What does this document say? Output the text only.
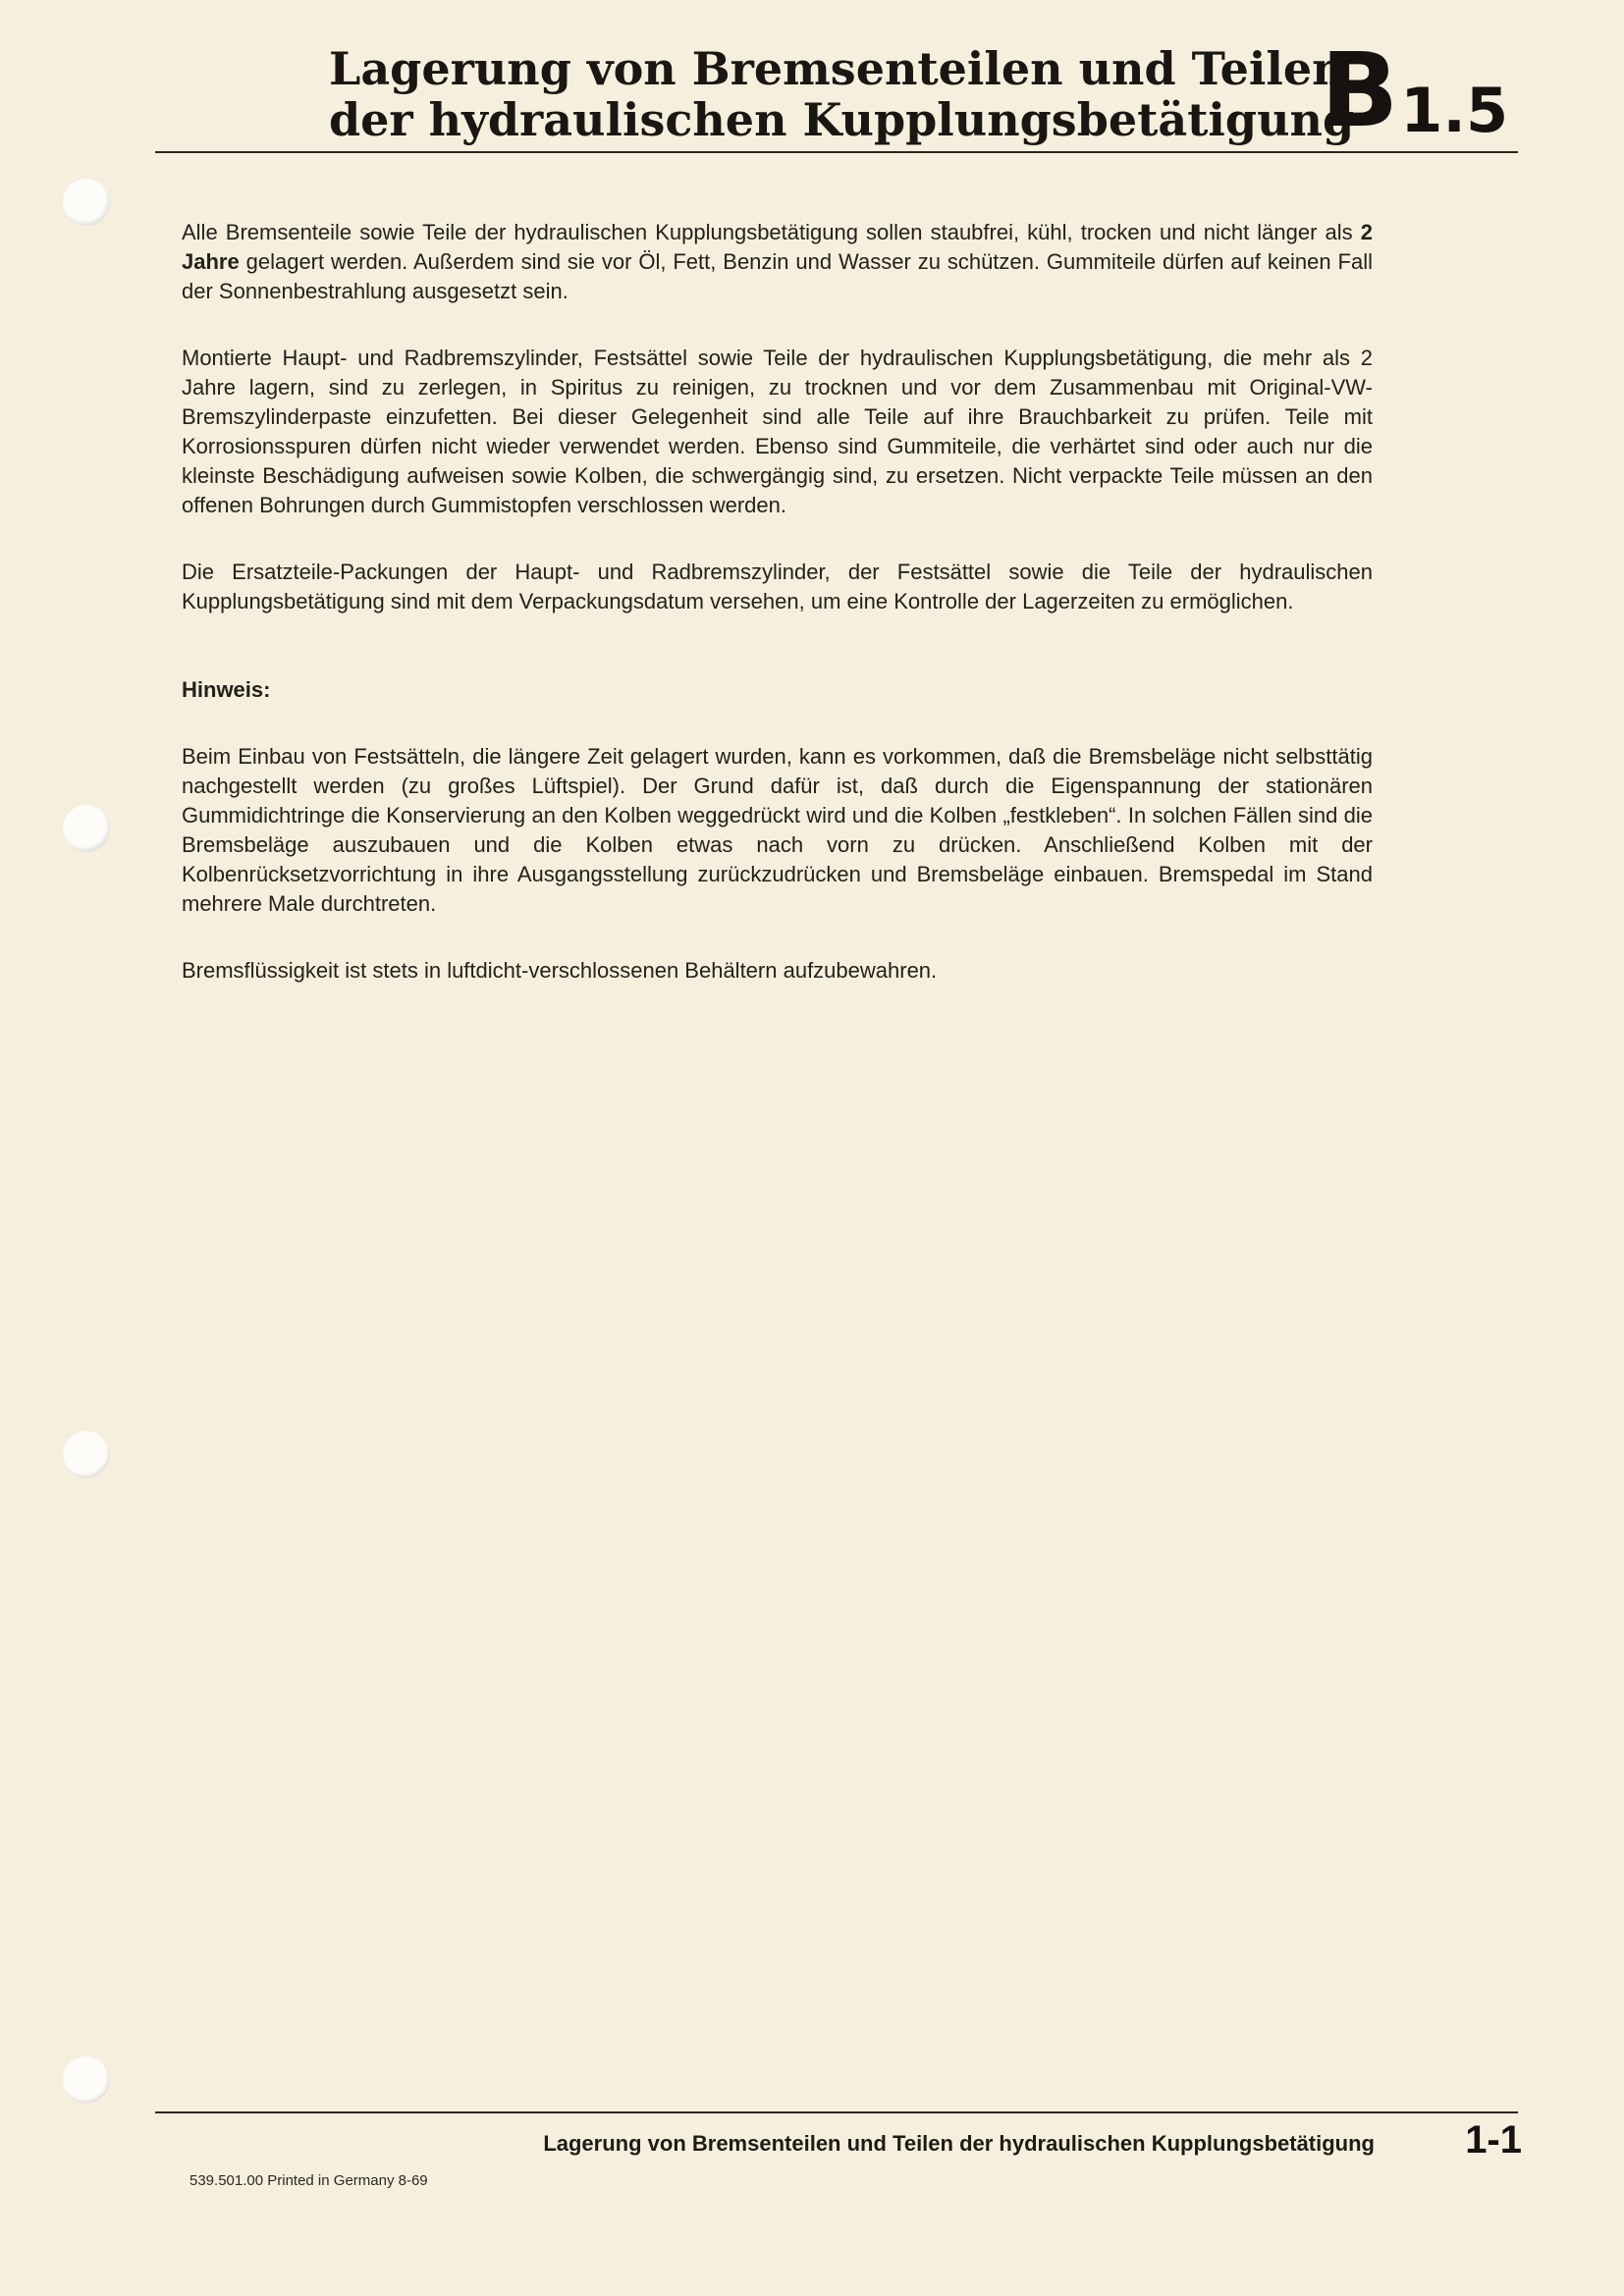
Lagerung von Bremsenteilen und Teilen
der hydraulischen Kupplungsbetätigung
B1.5

Alle Bremsenteile sowie Teile der hydraulischen Kupplungsbetätigung sollen staubfrei, kühl, trocken und nicht länger als 2 Jahre gelagert werden. Außerdem sind sie vor Öl, Fett, Benzin und Wasser zu schützen. Gummiteile dürfen auf keinen Fall der Sonnenbestrahlung ausgesetzt sein.

Montierte Haupt- und Radbremszylinder, Festsättel sowie Teile der hydraulischen Kupplungsbetätigung, die mehr als 2 Jahre lagern, sind zu zerlegen, in Spiritus zu reinigen, zu trocknen und vor dem Zusammenbau mit Original-VW-Bremszylinderpaste einzufetten. Bei dieser Gelegenheit sind alle Teile auf ihre Brauchbarkeit zu prüfen. Teile mit Korrosionsspuren dürfen nicht wieder verwendet werden. Ebenso sind Gummiteile, die verhärtet sind oder auch nur die kleinste Beschädigung aufweisen sowie Kolben, die schwergängig sind, zu ersetzen. Nicht verpackte Teile müssen an den offenen Bohrungen durch Gummistopfen verschlossen werden.

Die Ersatzteile-Packungen der Haupt- und Radbremszylinder, der Festsättel sowie die Teile der hydraulischen Kupplungsbetätigung sind mit dem Verpackungsdatum versehen, um eine Kontrolle der Lagerzeiten zu ermöglichen.

Hinweis:

Beim Einbau von Festsätteln, die längere Zeit gelagert wurden, kann es vorkommen, daß die Bremsbeläge nicht selbsttätig nachgestellt werden (zu großes Lüftspiel). Der Grund dafür ist, daß durch die Eigenspannung der stationären Gummidichtringe die Konservierung an den Kolben weggedrückt wird und die Kolben „festkleben“. In solchen Fällen sind die Bremsbeläge auszubauen und die Kolben etwas nach vorn zu drücken. Anschließend Kolben mit der Kolbenrücksetzvorrichtung in ihre Ausgangsstellung zurückzudrücken und Bremsbeläge einbauen. Bremspedal im Stand mehrere Male durchtreten.

Bremsflüssigkeit ist stets in luftdicht-verschlossenen Behältern aufzubewahren.

Lagerung von Bremsenteilen und Teilen der hydraulischen Kupplungsbetätigung	1-1
539.501.00 Printed in Germany 8-69
